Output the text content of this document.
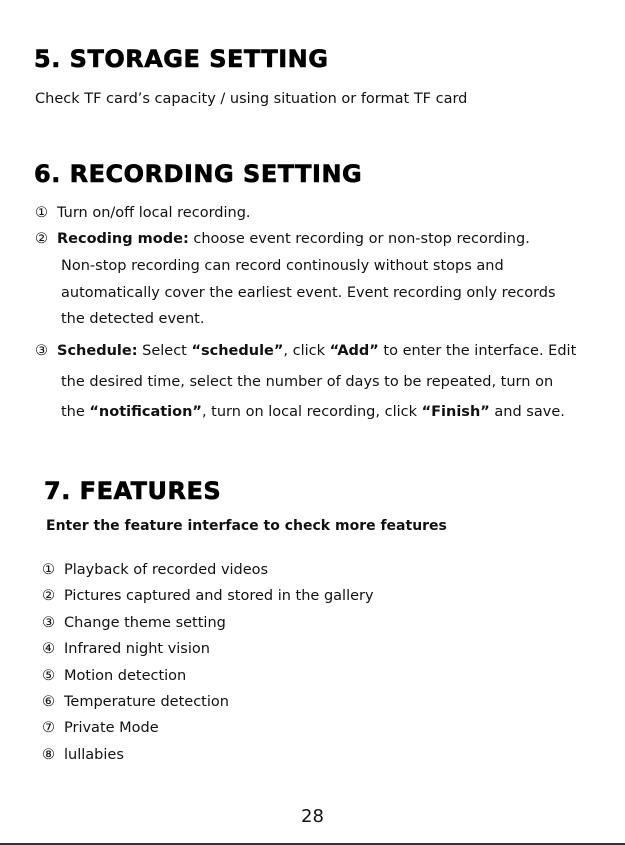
5. STORAGE SETTING

Check TF card’s capacity / using situation or format TF card

6. RECORDING SETTING

① Turn on/off local recording.

② Recoding mode: choose event recording or non-stop recording.

Non-stop recording can record continously without stops and

automatically cover the earliest event. Event recording only records

the detected event.

③ Schedule: Select “schedule”, click “Add” to enter the interface. Edit

the desired time, select the number of days to be repeated, turn on

the “notification”, turn on local recording, click “Finish” and save.

7. FEATURES

Enter the feature interface to check more features

① Playback of recorded videos

② Pictures captured and stored in the gallery

③ Change theme setting

④ Infrared night vision

⑤ Motion detection

⑥ Temperature detection

⑦ Private Mode

⑧ lullabies

28
